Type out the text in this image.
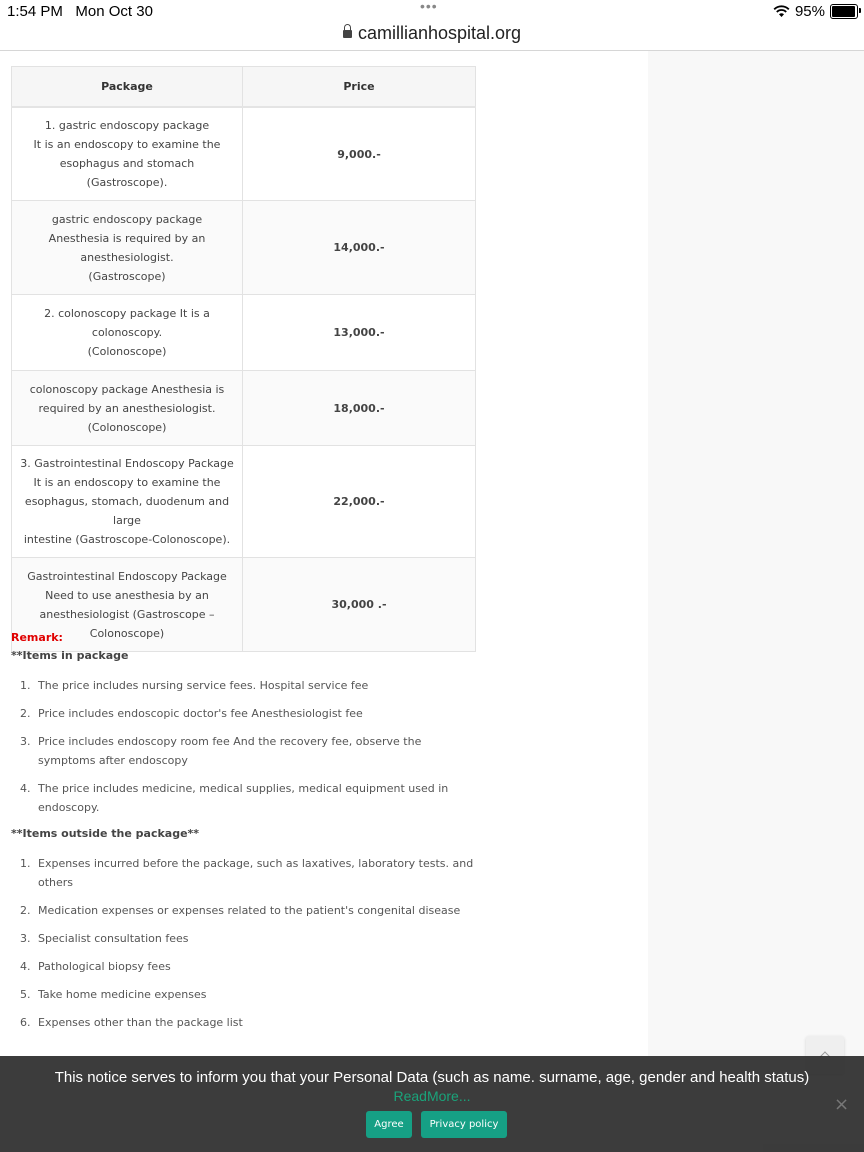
1:54 PM Mon Oct 30	•••	95%
camillianhospital.org
Package	Price
1. gastric endoscopy package
It is an endoscopy to examine the
esophagus and stomach (Gastroscope).	9,000.-
gastric endoscopy package
Anesthesia is required by an
anesthesiologist.
(Gastroscope)	14,000.-
2. colonoscopy package It is a
colonoscopy.
(Colonoscope)	13,000.-
colonoscopy package Anesthesia is
required by an anesthesiologist.
(Colonoscope)	18,000.-
3. Gastrointestinal Endoscopy Package
It is an endoscopy to examine the
esophagus, stomach, duodenum and large
intestine (Gastroscope-Colonoscope).	22,000.-
Gastrointestinal Endoscopy Package
Need to use anesthesia by an
anesthesiologist (Gastroscope –
Colonoscope)	30,000 .-

Remark:

**Items in package

1. The price includes nursing service fees. Hospital service fee
2. Price includes endoscopic doctor's fee Anesthesiologist fee
3. Price includes endoscopy room fee And the recovery fee, observe the symptoms after endoscopy
4. The price includes medicine, medical supplies, medical equipment used in endoscopy.

**Items outside the package**

1. Expenses incurred before the package, such as laxatives, laboratory tests. and others
2. Medication expenses or expenses related to the patient's congenital disease
3. Specialist consultation fees
4. Pathological biopsy fees
5. Take home medicine expenses
6. Expenses other than the package list
This notice serves to inform you that your Personal Data (such as name. surname, age, gender and health status)
ReadMore...
Agree	Privacy policy
×
